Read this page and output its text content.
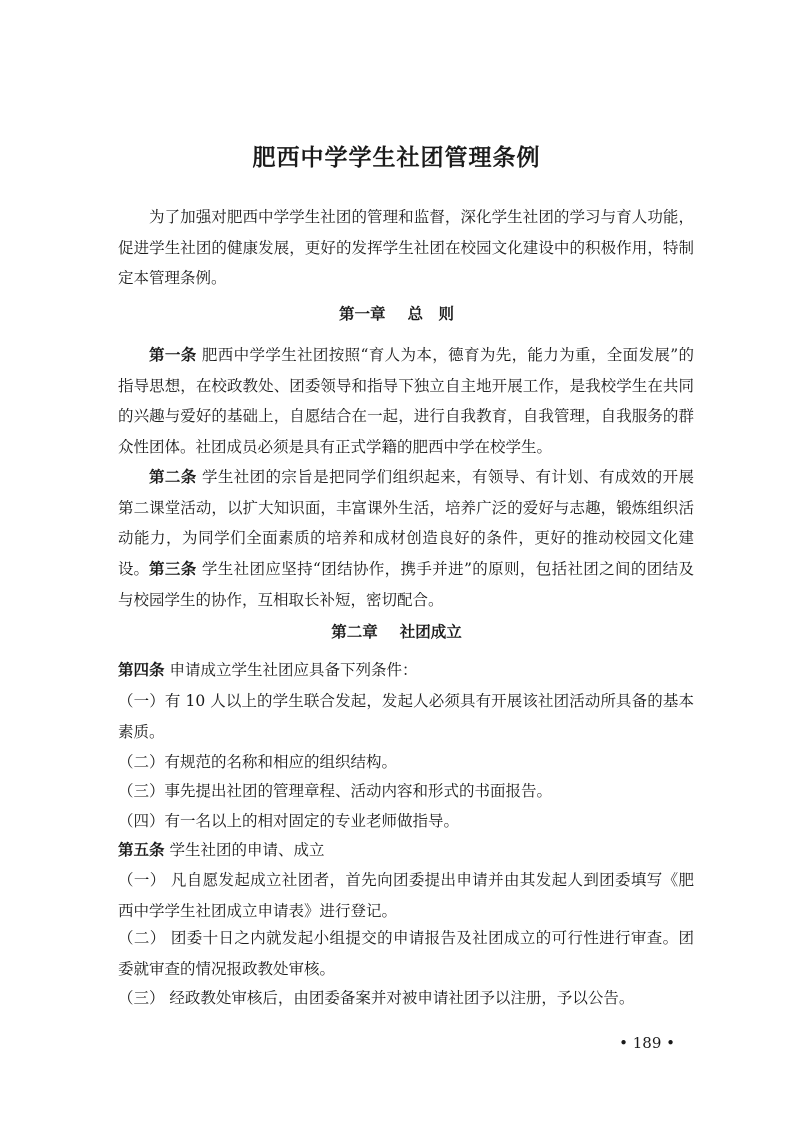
肥西中学学生社团管理条例
为了加强对肥西中学学生社团的管理和监督，深化学生社团的学习与育人功能，促进学生社团的健康发展，更好的发挥学生社团在校园文化建设中的积极作用，特制定本管理条例。
第一章 总　则
第一条 肥西中学学生社团按照“育人为本，德育为先，能力为重，全面发展”的指导思想，在校政教处、团委领导和指导下独立自主地开展工作，是我校学生在共同的兴趣与爱好的基础上，自愿结合在一起，进行自我教育，自我管理，自我服务的群众性团体。社团成员必须是具有正式学籍的肥西中学在校学生。
第二条 学生社团的宗旨是把同学们组织起来，有领导、有计划、有成效的开展第二课堂活动，以扩大知识面，丰富课外生活，培养广泛的爱好与志趣，锻炼组织活动能力，为同学们全面素质的培养和成材创造良好的条件，更好的推动校园文化建设。 第三条 学生社团应坚持“团结协作，携手并进”的原则，包括社团之间的团结及与校园学生的协作，互相取长补短，密切配合。
第二章 社团成立
第四条 申请成立学生社团应具备下列条件：
（一）有 10 人以上的学生联合发起，发起人必须具有开展该社团活动所具备的基本素质。
（二）有规范的名称和相应的组织结构。
（三）事先提出社团的管理章程、活动内容和形式的书面报告。
（四）有一名以上的相对固定的专业老师做指导。
第五条 学生社团的申请、成立
（一） 凡自愿发起成立社团者，首先向团委提出申请并由其发起人到团委填写《肥西中学学生社团成立申请表》进行登记。
（二） 团委十日之内就发起小组提交的申请报告及社团成立的可行性进行审查。团委就审查的情况报政教处审核。
（三） 经政教处审核后，由团委备案并对被申请社团予以注册，予以公告。
• 189 •
